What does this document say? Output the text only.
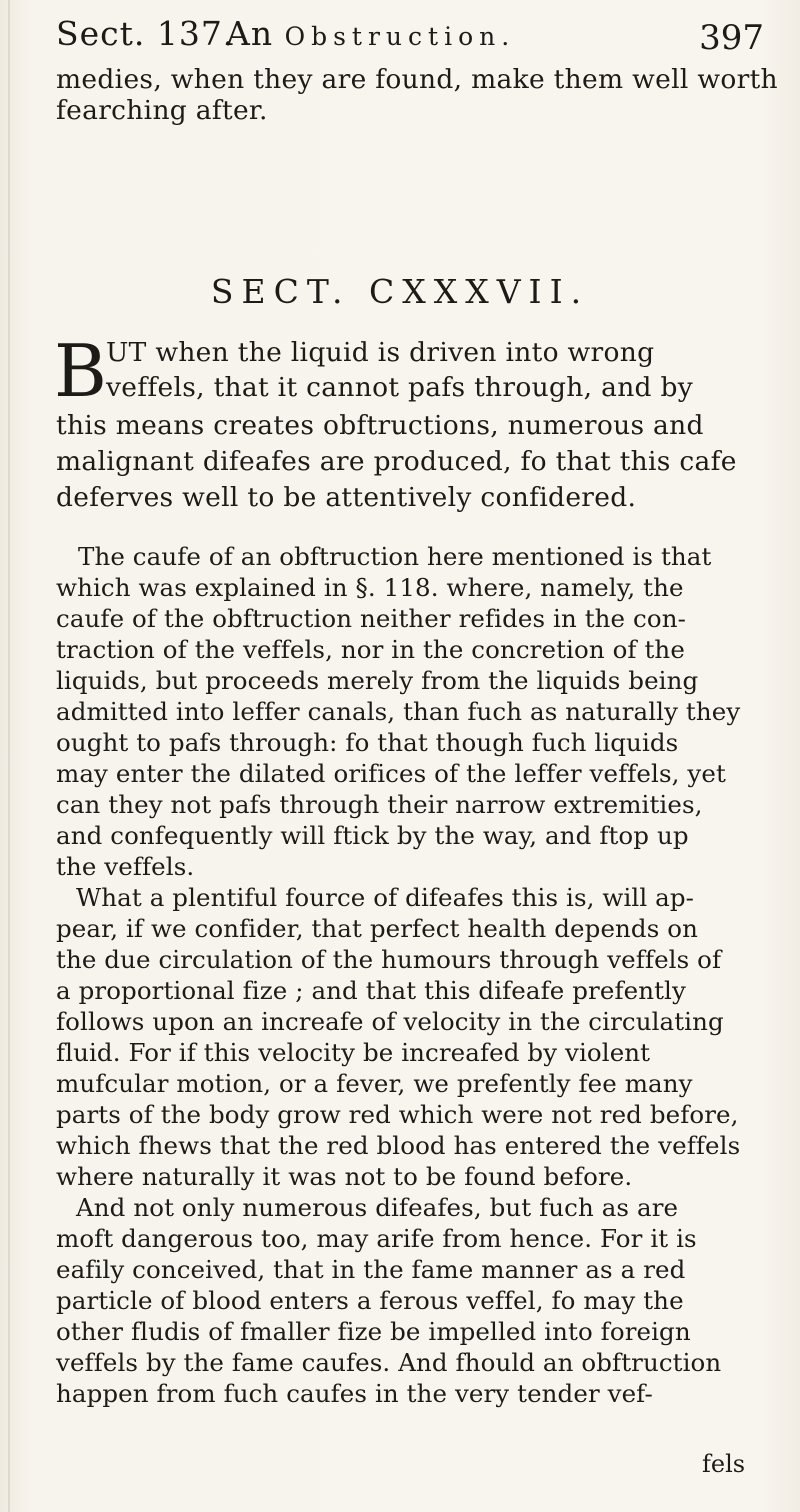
Sect. 137.
An Obstruction.	397
medies, when they are found, make them well worth
fearching after.
SECT. CXXXVII.
B UT when the liquid is driven into wrong
veffels, that it cannot pafs through, and by
this means creates obftructions, numerous and
malignant difeafes are produced, fo that this cafe
deferves well to be attentively confidered.
The caufe of an obftruction here mentioned is that
which was explained in §. 118. where, namely, the
caufe of the obftruction neither refides in the con-
traction of the veffels, nor in the concretion of the
liquids, but proceeds merely from the liquids being
admitted into leffer canals, than fuch as naturally they
ought to pafs through: fo that though fuch liquids
may enter the dilated orifices of the leffer veffels, yet
can they not pafs through their narrow extremities,
and confequently will ftick by the way, and ftop up
the veffels.
What a plentiful fource of difeafes this is, will ap-
pear, if we confider, that perfect health depends on
the due circulation of the humours through veffels of
a proportional fize ; and that this difeafe prefently
follows upon an increafe of velocity in the circulating
fluid. For if this velocity be increafed by violent
mufcular motion, or a fever, we prefently fee many
parts of the body grow red which were not red before,
which fhews that the red blood has entered the veffels
where naturally it was not to be found before.
And not only numerous difeafes, but fuch as are
moft dangerous too, may arife from hence. For it is
eafily conceived, that in the fame manner as a red
particle of blood enters a ferous veffel, fo may the
other fludis of fmaller fize be impelled into foreign
veffels by the fame caufes. And fhould an obftruction
happen from fuch caufes in the very tender vef-
fels
